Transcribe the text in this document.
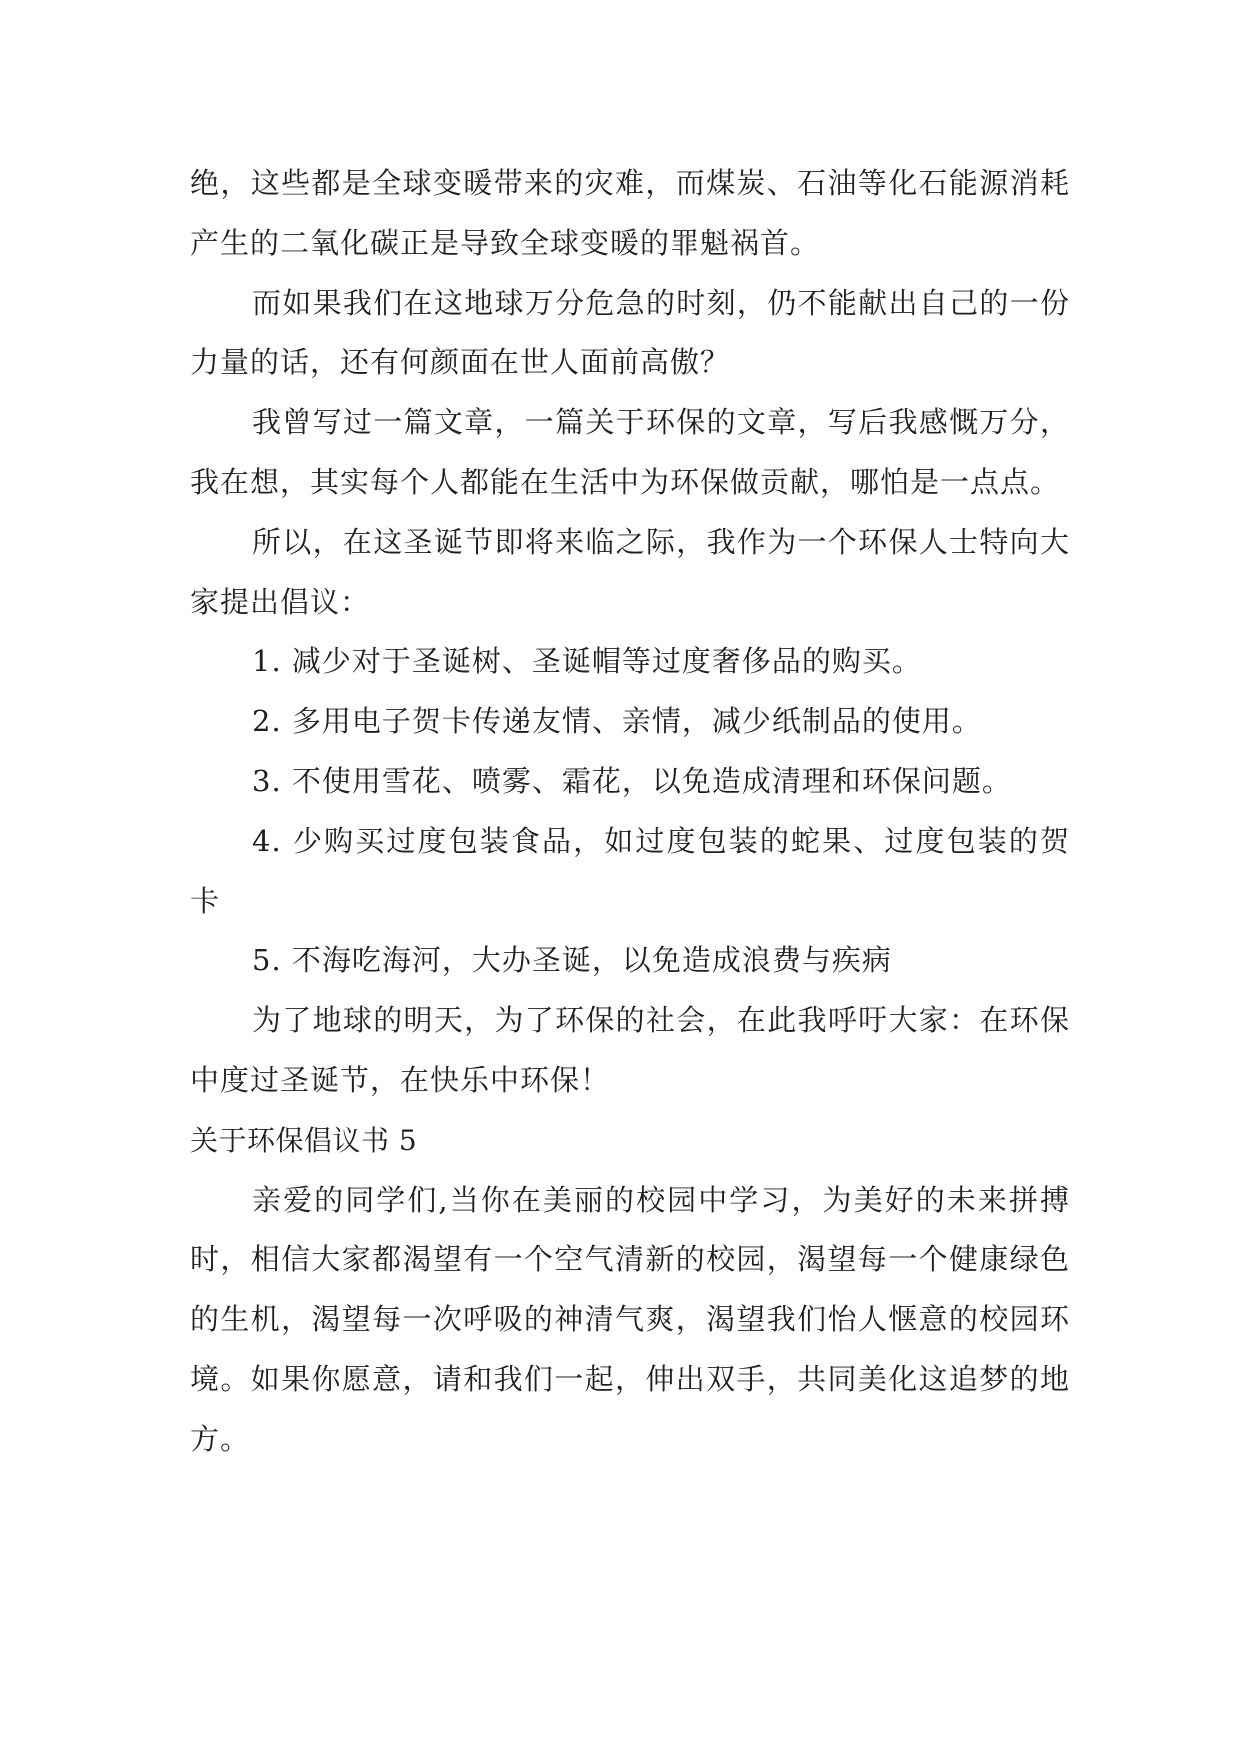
绝，这些都是全球变暖带来的灾难，而煤炭、石油等化石能源消耗产生的二氧化碳正是导致全球变暖的罪魁祸首。

而如果我们在这地球万分危急的时刻，仍不能献出自己的一份力量的话，还有何颜面在世人面前高傲？

我曾写过一篇文章，一篇关于环保的文章，写后我感慨万分，我在想，其实每个人都能在生活中为环保做贡献，哪怕是一点点。

所以，在这圣诞节即将来临之际，我作为一个环保人士特向大家提出倡议：

1. 减少对于圣诞树、圣诞帽等过度奢侈品的购买。

2. 多用电子贺卡传递友情、亲情，减少纸制品的使用。

3. 不使用雪花、喷雾、霜花，以免造成清理和环保问题。

4. 少购买过度包装食品，如过度包装的蛇果、过度包装的贺卡

5. 不海吃海河，大办圣诞，以免造成浪费与疾病

为了地球的明天，为了环保的社会，在此我呼吁大家：在环保中度过圣诞节，在快乐中环保！

关于环保倡议书 5

亲爱的同学们,当你在美丽的校园中学习，为美好的未来拼搏时，相信大家都渴望有一个空气清新的校园，渴望每一个健康绿色的生机，渴望每一次呼吸的神清气爽，渴望我们怡人惬意的校园环境。如果你愿意，请和我们一起，伸出双手，共同美化这追梦的地方。
